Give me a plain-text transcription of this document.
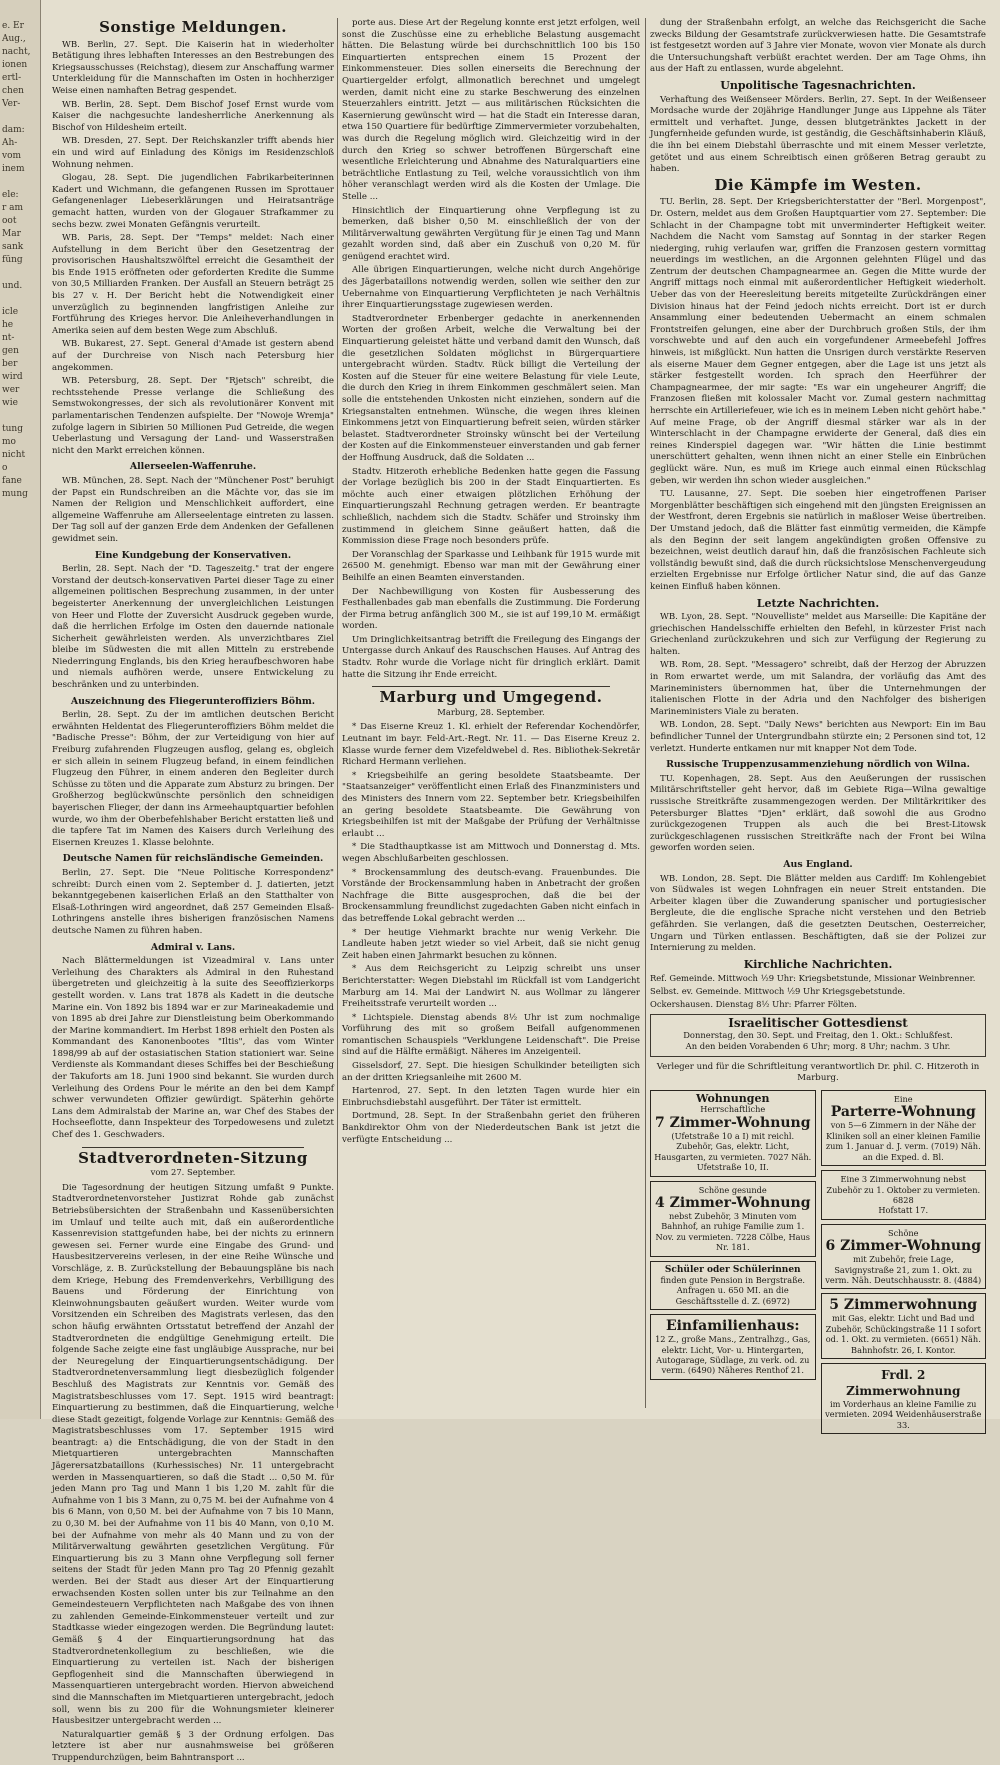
e. Er
Aug.,
nacht,
ionen
ertl-
chen
Ver-

dam:
Ah-
vom
inem

ele:
r am
oot
Mar
sank
füng

und.

icle
he
nt-
gen
ber
wird
wer
wie

tung
mo
nicht
o
fane
mung
Sonstige Meldungen.

WB. Berlin, 27. Sept. Die Kaiserin hat in wiederholter Betätigung ihres lebhaften Interesses an den Bestrebungen des Kriegsausschusses (Reichstag), diesem zur Anschaffung warmer Unterkleidung für die Mannschaften im Osten in hochherziger Weise einen namhaften Betrag gespendet.

WB. Berlin, 28. Sept. Dem Bischof Josef Ernst wurde vom Kaiser die nachgesuchte landesherrliche Anerkennung als Bischof von Hildesheim erteilt.

WB. Dresden, 27. Sept. Der Reichskanzler trifft abends hier ein und wird auf Einladung des Königs im Residenzschloß Wohnung nehmen.

Glogau, 28. Sept. Die jugendlichen Fabrikarbeiterinnen Kadert und Wichmann, die gefangenen Russen im Sprottauer Gefangenenlager Liebeserklärungen und Heiratsanträge gemacht hatten, wurden von der Glogauer Strafkammer zu sechs bezw. zwei Monaten Gefängnis verurteilt.

WB. Paris, 28. Sept. Der "Temps" meldet: Nach einer Aufstellung in dem Bericht über den Gesetzentrag der provisorischen Haushaltszwölftel erreicht die Gesamtheit der bis Ende 1915 eröffneten oder geforderten Kredite die Summe von 30,5 Milliarden Franken. Der Ausfall an Steuern beträgt 25 bis 27 v. H. Der Bericht hebt die Notwendigkeit einer unverzüglich zu beginnenden langfristigen Anleihe zur Fortführung des Krieges hervor. Die Anleiheverhandlungen in Amerika seien auf dem besten Wege zum Abschluß.

WB. Bukarest, 27. Sept. General d'Amade ist gestern abend auf der Durchreise von Nisch nach Petersburg hier angekommen.

WB. Petersburg, 28. Sept. Der "Rjetsch" schreibt, die rechtsstehende Presse verlange die Schließung des Semstwokongresses, der sich als revolutionärer Konvent mit parlamentarischen Tendenzen aufspielte. Der "Nowoje Wremja" zufolge lagern in Sibirien 50 Millionen Pud Getreide, die wegen Ueberlastung und Versagung der Land- und Wasserstraßen nicht den Markt erreichen können.

Allerseelen-Waffenruhe.

WB. München, 28. Sept. Nach der "Münchener Post" beruhigt der Papst ein Rundschreiben an die Mächte vor, das sie im Namen der Religion und Menschlichkeit auffordert, eine allgemeine Waffenruhe am Allerseelentage eintreten zu lassen. Der Tag soll auf der ganzen Erde dem Andenken der Gefallenen gewidmet sein.

Eine Kundgebung der Konservativen.

Berlin, 28. Sept. Nach der "D. Tageszeitg." trat der engere Vorstand der deutsch-konservativen Partei dieser Tage zu einer allgemeinen politischen Besprechung zusammen, in der unter begeisterter Anerkennung der unvergleichlichen Leistungen von Heer und Flotte der Zuversicht Ausdruck gegeben wurde, daß die herrlichen Erfolge im Osten den dauernde nationale Sicherheit gewährleisten werden. Als unverzichtbares Ziel bleibe im Südwesten die mit allen Mitteln zu erstrebende Niederringung Englands, bis den Krieg heraufbeschworen habe und niemals aufhören werde, unsere Entwickelung zu beschränken und zu unterbinden.

Auszeichnung des Fliegerunteroffiziers Böhm.

Berlin, 28. Sept. Zu der im amtlichen deutschen Bericht erwähnten Heldentat des Fliegerunteroffiziers Böhm meldet die "Badische Presse": Böhm, der zur Verteidigung von hier auf Freiburg zufahrenden Flugzeugen ausflog, gelang es, obgleich er sich allein in seinem Flugzeug befand, in einem feindlichen Flugzeug den Führer, in einem anderen den Begleiter durch Schüsse zu töten und die Apparate zum Absturz zu bringen. Der Großherzog beglückwünschte persönlich den schneidigen bayerischen Flieger, der dann ins Armeehauptquartier befohlen wurde, wo ihm der Oberbefehlshaber Bericht erstatten ließ und die tapfere Tat im Namen des Kaisers durch Verleihung des Eisernen Kreuzes 1. Klasse belohnte.

Deutsche Namen für reichsländische Gemeinden.

Berlin, 27. Sept. Die "Neue Politische Korrespondenz" schreibt: Durch einen vom 2. September d. J. datierten, jetzt bekanntgegebenen kaiserlichen Erlaß an den Statthalter von Elsaß-Lothringen wird angeordnet, daß 257 Gemeinden Elsaß-Lothringens anstelle ihres bisherigen französischen Namens deutsche Namen zu führen haben.

Admiral v. Lans.

Nach Blättermeldungen ist Vizeadmiral v. Lans unter Verleihung des Charakters als Admiral in den Ruhestand übergetreten und gleichzeitig à la suite des Seeoffizierkorps gestellt worden. v. Lans trat 1878 als Kadett in die deutsche Marine ein. Von 1892 bis 1894 war er zur Marineakademie und von 1895 ab drei Jahre zur Dienstleistung beim Oberkommando der Marine kommandiert. Im Herbst 1898 erhielt den Posten als Kommandant des Kanonenbootes "Iltis", das vom Winter 1898/99 ab auf der ostasiatischen Station stationiert war. Seine Verdienste als Kommandant dieses Schiffes bei der Beschießung der Takuforts am 18. Juni 1900 sind bekannt. Sie wurden durch Verleihung des Ordens Pour le mérite an den bei dem Kampf schwer verwundeten Offizier gewürdigt. Späterhin gehörte Lans dem Admiralstab der Marine an, war Chef des Stabes der Hochseeflotte, dann Inspekteur des Torpedowesens und zuletzt Chef des 1. Geschwaders.

Stadtverordneten-Sitzung
vom 27. September.

Die Tagesordnung der heutigen Sitzung umfaßt 9 Punkte. Stadtverordnetenvorsteher Justizrat Rohde gab zunächst Betriebsübersichten der Straßenbahn und Kassenübersichten im Umlauf und teilte auch mit, daß ein außerordentliche Kassenrevision stattgefunden habe, bei der nichts zu erinnern gewesen sei. Ferner wurde eine Eingabe des Grund- und Hausbesitzervereins verlesen, in der eine Reihe Wünsche und Vorschläge, z. B. Zurückstellung der Bebauungspläne bis nach dem Kriege, Hebung des Fremdenverkehrs, Verbilligung des Bauens und Förderung der Einrichtung von Kleinwohnungsbauten geäußert wurden. Weiter wurde vom Vorsitzenden ein Schreiben des Magistrats verlesen, das den schon häufig erwähnten Ortsstatut betreffend der Anzahl der Stadtverordneten die endgültige Genehmigung erteilt. Die folgende Sache zeigte eine fast ungläubige Aussprache, nur bei der Neuregelung der Einquartierungsentschädigung. Der Stadtverordnetenversammlung liegt diesbezüglich folgender Beschluß des Magistrats zur Kenntnis vor. Gemäß des Magistratsbeschlusses vom 17. Sept. 1915 wird beantragt: Einquartierung zu bestimmen, daß die Einquartierung, welche diese Stadt gezeitigt, folgende Vorlage zur Kenntnis: Gemäß des Magistratsbeschlusses vom 17. September 1915 wird beantragt: a) die Entschädigung, die von der Stadt in den Mietquartieren untergebrachten Mannschaften Jägerersatzbataillons (Kurhessisches) Nr. 11 untergebracht werden in Massenquartieren, so daß die Stadt ... 0,50 M. für jeden Mann pro Tag und Mann 1 bis 1,20 M. zahlt für die Aufnahme von 1 bis 3 Mann, zu 0,75 M. bei der Aufnahme von 4 bis 6 Mann, von 0,50 M. bei der Aufnahme von 7 bis 10 Mann, zu 0,30 M. bei der Aufnahme von 11 bis 40 Mann, von 0,10 M. bei der Aufnahme von mehr als 40 Mann und zu von der Militärverwaltung gewährten gesetzlichen Vergütung. Für Einquartierung bis zu 3 Mann ohne Verpflegung soll ferner seitens der Stadt für jeden Mann pro Tag 20 Pfennig gezahlt werden. Bei der Stadt aus dieser Art der Einquartierung erwachsenden Kosten sollen unter bis zur Teilnahme an den Gemeindesteuern Verpflichteten nach Maßgabe des von ihnen zu zahlenden Gemeinde-Einkommensteuer verteilt und zur Stadtkasse wieder eingezogen werden. Die Begründung lautet: Gemäß § 4 der Einquartierungsordnung hat das Stadtverordnetenkollegium zu beschließen, wie die Einquartierung zu verteilen ist. Nach der bisherigen Gepflogenheit sind die Mannschaften überwiegend in Massenquartieren untergebracht worden. Hiervon abweichend sind die Mannschaften im Mietquartieren untergebracht, jedoch soll, wenn bis zu 200 für die Wohnungsmieter kleinerer Hausbesitzer untergebracht werden ...

Naturalquartier gemäß § 3 der Ordnung erfolgen. Das letztere ist aber nur ausnahmsweise bei größeren Truppendurchzügen, beim Bahntransport ...

porte aus. Diese Art der Regelung konnte erst jetzt erfolgen, weil sonst die Zuschüsse eine zu erhebliche Belastung ausgemacht hätten. Die Belastung würde bei durchschnittlich 100 bis 150 Einquartierten entsprechen einem 15 Prozent der Einkommensteuer. Dies sollen einerseits die Berechnung der Quartiergelder erfolgt, allmonatlich berechnet und umgelegt werden, damit nicht eine zu starke Beschwerung des einzelnen Steuerzahlers eintritt. Jetzt — aus militärischen Rücksichten die Kasernierung gewünscht wird — hat die Stadt ein Interesse daran, etwa 150 Quartiere für bedürftige Zimmervermieter vorzubehalten, was durch die Regelung möglich wird. Gleichzeitig wird in der durch den Krieg so schwer betroffenen Bürgerschaft eine wesentliche Erleichterung und Abnahme des Naturalquartiers eine beträchtliche Entlastung zu Teil, welche voraussichtlich von ihm höher veranschlagt werden wird als die Kosten der Umlage. Die Stelle ...

Hinsichtlich der Einquartierung ohne Verpflegung ist zu bemerken, daß bisher 0,50 M. einschließlich der von der Militärverwaltung gewährten Vergütung für je einen Tag und Mann gezahlt worden sind, daß aber ein Zuschuß von 0,20 M. für genügend erachtet wird.

Alle übrigen Einquartierungen, welche nicht durch Angehörige des Jägerbataillons notwendig werden, sollen wie seither den zur Uebernahme von Einquartierung Verpflichteten je nach Verhältnis ihrer Einquartierungsstage zugewiesen werden.

Stadtverordneter Erbenberger gedachte in anerkennenden Worten der großen Arbeit, welche die Verwaltung bei der Einquartierung geleistet hätte und verband damit den Wunsch, daß die gesetzlichen Soldaten möglichst in Bürgerquartiere untergebracht würden. Stadtv. Rück billigt die Verteilung der Kosten auf die Steuer für eine weitere Belastung für viele Leute, die durch den Krieg in ihrem Einkommen geschmälert seien. Man solle die entstehenden Unkosten nicht einziehen, sondern auf die Kriegsanstalten entnehmen. Wünsche, die wegen ihres kleinen Einkommens jetzt von Einquartierung befreit seien, würden stärker belastet. Stadtverordneter Stroinsky wünscht bei der Verteilung der Kosten auf die Einkommensteuer einverstanden und gab ferner der Hoffnung Ausdruck, daß die Soldaten ...

Stadtv. Hitzeroth erhebliche Bedenken hatte gegen die Fassung der Vorlage bezüglich bis 200 in der Stadt Einquartierten. Es möchte auch einer etwaigen plötzlichen Erhöhung der Einquartierungszahl Rechnung getragen werden. Er beantragte schließlich, nachdem sich die Stadtv. Schäfer und Stroinsky ihm zustimmend in gleichem Sinne geäußert hatten, daß die Kommission diese Frage noch besonders prüfe.

Der Voranschlag der Sparkasse und Leihbank für 1915 wurde mit 26500 M. genehmigt. Ebenso war man mit der Gewährung einer Beihilfe an einen Beamten einverstanden.

Der Nachbewilligung von Kosten für Ausbesserung des Festhallenbades gab man ebenfalls die Zustimmung. Die Forderung der Firma betrug anfänglich 300 M., sie ist auf 199,10 M. ermäßigt worden.

Um Dringlichkeitsantrag betrifft die Freilegung des Eingangs der Untergasse durch Ankauf des Rauschschen Hauses. Auf Antrag des Stadtv. Rohr wurde die Vorlage nicht für dringlich erklärt. Damit hatte die Sitzung ihr Ende erreicht.

Marburg und Umgegend.
Marburg, 28. September.

* Das Eiserne Kreuz 1. Kl. erhielt der Referendar Kochendörfer, Leutnant im bayr. Feld-Art.-Regt. Nr. 11. — Das Eiserne Kreuz 2. Klasse wurde ferner dem Vizefeldwebel d. Res. Bibliothek-Sekretär Richard Hermann verliehen.

* Kriegsbeihilfe an gering besoldete Staatsbeamte. Der "Staatsanzeiger" veröffentlicht einen Erlaß des Finanzministers und des Ministers des Innern vom 22. September betr. Kriegsbeihilfen an gering besoldete Staatsbeamte. Die Gewährung von Kriegsbeihilfen ist mit der Maßgabe der Prüfung der Verhältnisse erlaubt ...

* Die Stadthauptkasse ist am Mittwoch und Donnerstag d. Mts. wegen Abschlußarbeiten geschlossen.

* Brockensammlung des deutsch-evang. Frauenbundes. Die Vorstände der Brockensammlung haben in Anbetracht der großen Nachfrage die Bitte ausgesprochen, daß die bei der Brockensammlung freundlichst zugedachten Gaben nicht einfach in das betreffende Lokal gebracht werden ...

* Der heutige Viehmarkt brachte nur wenig Verkehr. Die Landleute haben jetzt wieder so viel Arbeit, daß sie nicht genug Zeit haben einen Jahrmarkt besuchen zu können.

* Aus dem Reichsgericht zu Leipzig schreibt uns unser Berichterstatter: Wegen Diebstahl im Rückfall ist vom Landgericht Marburg am 14. Mai der Landwirt N. aus Wollmar zu längerer Freiheitsstrafe verurteilt worden ...

* Lichtspiele. Dienstag abends 8½ Uhr ist zum nochmalige Vorführung des mit so großem Beifall aufgenommenen romantischen Schauspiels "Verklungene Leidenschaft". Die Preise sind auf die Hälfte ermäßigt. Näheres im Anzeigenteil.

Gisselsdorf, 27. Sept. Die hiesigen Schulkinder beteiligten sich an der dritten Kriegsanleihe mit 2600 M.

Hartenrod, 27. Sept. In den letzten Tagen wurde hier ein Einbruchsdiebstahl ausgeführt. Der Täter ist ermittelt.

Dortmund, 28. Sept. In der Straßenbahn geriet den früheren Bankdirektor Ohm von der Niederdeutschen Bank ist jetzt die verfügte Entscheidung ...

dung der Straßenbahn erfolgt, an welche das Reichsgericht die Sache zwecks Bildung der Gesamtstrafe zurückverwiesen hatte. Die Gesamtstrafe ist festgesetzt worden auf 3 Jahre vier Monate, wovon vier Monate als durch die Untersuchungshaft verbüßt erachtet werden. Der am Tage Ohms, ihn aus der Haft zu entlassen, wurde abgelehnt.

Unpolitische Tagesnachrichten.

Verhaftung des Weißenseer Mörders. Berlin, 27. Sept. In der Weißenseer Mordsache wurde der 20jährige Handlunger Junge aus Lippehne als Täter ermittelt und verhaftet. Junge, dessen blutgetränktes Jackett in der Jungfernheide gefunden wurde, ist geständig, die Geschäftsinhaberin Kläuß, die ihn bei einem Diebstahl überraschte und mit einem Messer verletzte, getötet und aus einem Schreibtisch einen größeren Betrag geraubt zu haben.

Die Kämpfe im Westen.

TU. Berlin, 28. Sept. Der Kriegsberichterstatter der "Berl. Morgenpost", Dr. Ostern, meldet aus dem Großen Hauptquartier vom 27. September: Die Schlacht in der Champagne tobt mit unverminderter Heftigkeit weiter. Nachdem die Nacht vom Samstag auf Sonntag in der starker Regen niederging, ruhig verlaufen war, griffen die Franzosen gestern vormittag neuerdings im westlichen, an die Argonnen gelehnten Flügel und das Zentrum der deutschen Champagnearmee an. Gegen die Mitte wurde der Angriff mittags noch einmal mit außerordentlicher Heftigkeit wiederholt. Ueber das von der Heeresleitung bereits mitgeteilte Zurückdrängen einer Division hinaus hat der Feind jedoch nichts erreicht. Dort ist er durch Ansammlung einer bedeutenden Uebermacht an einem schmalen Frontstreifen gelungen, eine aber der Durchbruch großen Stils, der ihm vorschwebte und auf den auch ein vorgefundener Armeebefehl Joffres hinweis, ist mißglückt. Nun hatten die Unsrigen durch verstärkte Reserven als eiserne Mauer dem Gegner entgegen, aber die Lage ist uns jetzt als stärker festgestellt worden. Ich sprach den Heerführer der Champagnearmee, der mir sagte: "Es war ein ungeheurer Angriff; die Franzosen fließen mit kolossaler Macht vor. Zumal gestern nachmittag herrschte ein Artilleriefeuer, wie ich es in meinem Leben nicht gehört habe." Auf meine Frage, ob der Angriff diesmal stärker war als in der Winterschlacht in der Champagne erwiderte der General, daß dies ein reines Kinderspiel dagegen war. "Wir hätten die Linie bestimmt unerschüttert gehalten, wenn ihnen nicht an einer Stelle ein Einbrüchen geglückt wäre. Nun, es muß im Kriege auch einmal einen Rückschlag geben, wir werden ihn schon wieder ausgleichen."

TU. Lausanne, 27. Sept. Die soeben hier eingetroffenen Pariser Morgenblätter beschäftigen sich eingehend mit den jüngsten Ereignissen an der Westfront, deren Ergebnis sie natürlich in maßloser Weise übertreiben. Der Umstand jedoch, daß die Blätter fast einmütig vermeiden, die Kämpfe als den Beginn der seit langem angekündigten großen Offensive zu bezeichnen, weist deutlich darauf hin, daß die französischen Fachleute sich vollständig bewußt sind, daß die durch rücksichtslose Menschenvergeudung erzielten Ergebnisse nur Erfolge örtlicher Natur sind, die auf das Ganze keinen Einfluß haben können.

Letzte Nachrichten.

WB. Lyon, 28. Sept. "Nouvelliste" meldet aus Marseille: Die Kapitäne der griechischen Handelsschiffe erhielten den Befehl, in kürzester Frist nach Griechenland zurückzukehren und sich zur Verfügung der Regierung zu halten.

WB. Rom, 28. Sept. "Messagero" schreibt, daß der Herzog der Abruzzen in Rom erwartet werde, um mit Salandra, der vorläufig das Amt des Marineministers übernommen hat, über die Unternehmungen der italienischen Flotte in der Adria und den Nachfolger des bisherigen Marineministers Viale zu beraten.

WB. London, 28. Sept. "Daily News" berichten aus Newport: Ein im Bau befindlicher Tunnel der Untergrundbahn stürzte ein; 2 Personen sind tot, 12 verletzt. Hunderte entkamen nur mit knapper Not dem Tode.

Russische Truppenzusammenziehung nördlich von Wilna.

TU. Kopenhagen, 28. Sept. Aus den Aeußerungen der russischen Militärschriftsteller geht hervor, daß im Gebiete Riga—Wilna gewaltige russische Streitkräfte zusammengezogen werden. Der Militärkritiker des Petersburger Blattes "Djen" erklärt, daß sowohl die aus Grodno zurückgezogenen Truppen als auch die bei Brest-Litowsk zurückgeschlagenen russischen Streitkräfte nach der Front bei Wilna geworfen worden seien.

Aus England.

WB. London, 28. Sept. Die Blätter melden aus Cardiff: Im Kohlengebiet von Südwales ist wegen Lohnfragen ein neuer Streit entstanden. Die Arbeiter klagen über die Zuwanderung spanischer und portugiesischer Bergleute, die die englische Sprache nicht verstehen und den Betrieb gefährden. Sie verlangen, daß die gesetzten Deutschen, Oesterreicher, Ungarn und Türken entlassen. Beschäftigten, daß sie der Polizei zur Internierung zu melden.

Kirchliche Nachrichten.
Ref. Gemeinde. Mittwoch ½9 Uhr: Kriegsbetstunde, Missionar Weinbrenner.
Selbst. ev. Gemeinde. Mittwoch ½9 Uhr Kriegsgebetstunde.
Ockershausen. Dienstag 8½ Uhr: Pfarrer Fölten.
Israelitischer Gottesdienst
Donnerstag, den 30. Sept. und Freitag, den 1. Okt.: Schlußfest.
An den beiden Vorabenden 6 Uhr; morg. 8 Uhr; nachm. 3 Uhr.
Verleger und für die Schriftleitung verantwortlich Dr. phil. C. Hitzeroth in Marburg.
Wohnungen
Herrschaftliche
7 Zimmer-Wohnung
(Ufetstraße 10 a I) mit reichl. Zubehör, Gas, elektr. Licht, Hausgarten, zu vermieten. 7027 Näh. Ufetstraße 10, II.
Schöne gesunde
4 Zimmer-Wohnung
nebst Zubehör, 3 Minuten vom Bahnhof, an ruhige Familie zum 1. Nov. zu vermieten. 7228 Cölbe, Haus Nr. 181.
Schüler oder Schülerinnen
finden gute Pension in Bergstraße. Anfragen u. 650 MI. an die Geschäftsstelle d. Z. (6972)
Einfamilienhaus:
12 Z., große Mans., Zentralhzg., Gas, elektr. Licht, Vor- u. Hintergarten, Autogarage, Südlage, zu verk. od. zu verm. (6490) Näheres Renthof 21.
Eine
Parterre-Wohnung
von 5—6 Zimmern in der Nähe der Kliniken soll an einer kleinen Familie zum 1. Januar d. J. verm. (7019) Näh. an die Exped. d. Bl.
Eine 3 Zimmerwohnung nebst Zubehör zu 1. Oktober zu vermieten. 6828
Hofstatt 17.
Schöne
6 Zimmer-Wohnung
mit Zubehör, freie Lage, Savignystraße 21, zum 1. Okt. zu verm. Näh. Deutschhausstr. 8. (4884)
5 Zimmerwohnung
mit Gas, elektr. Licht und Bad und Zubehör, Schückingstraße 11 I sofort od. 1. Okt. zu vermieten. (6651) Näh. Bahnhofstr. 26, I. Kontor.
Frdl. 2 Zimmerwohnung
im Vorderhaus an kleine Familie zu vermieten. 2094 Weidenhäuserstraße 33.
